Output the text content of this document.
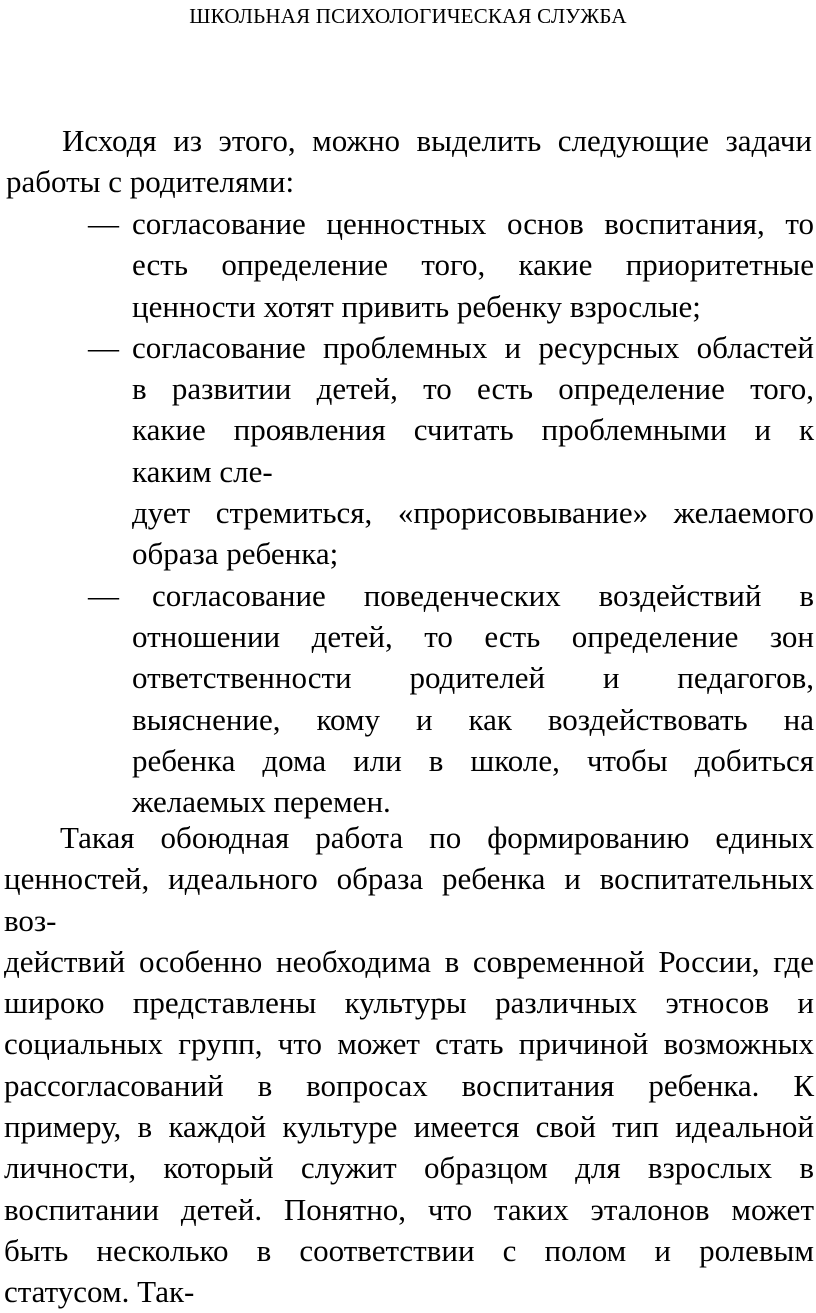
ШКОЛЬНАЯ ПСИХОЛОГИЧЕСКАЯ СЛУЖБА
Исходя из этого, можно выделить следующие задачи
работы с родителями:
— согласование ценностных основ воспитания, то
есть определение того, какие приоритетные
ценности хотят привить ребенку взрослые;
— согласование проблемных и ресурсных областей
в развитии детей, то есть определение того,
какие проявления считать проблемными и к
каким сле-
дует стремиться, «прорисовывание» желаемого
образа ребенка;
— согласование поведенческих воздействий в
отношении детей, то есть определение зон
ответственности родителей и педагогов,
выяснение, кому и как воздействовать на
ребенка дома или в школе, чтобы добиться
желаемых перемен.
Такая обоюдная работа по формированию единых
ценностей, идеального образа ребенка и воспитательных
воз-
действий особенно необходима в современной России, где
широко представлены культуры различных этносов и
социальных групп, что может стать причиной возможных
рассогласований в вопросах воспитания ребенка. К
примеру, в каждой культуре имеется свой тип идеальной
личности, который служит образцом для взрослых в
воспитании детей. Понятно, что таких эталонов может
быть несколько в соответствии с полом и ролевым
статусом. Так-
